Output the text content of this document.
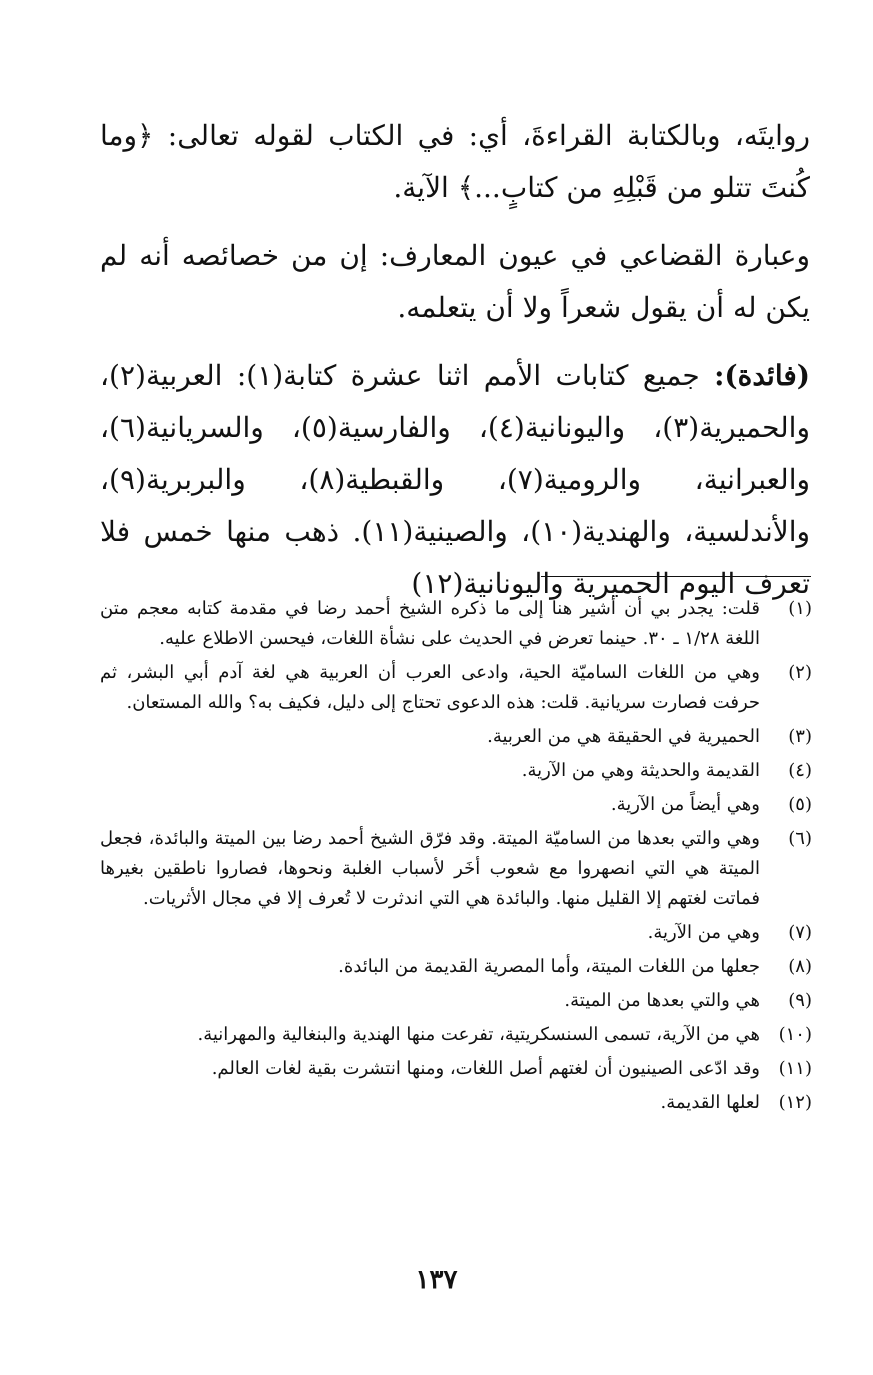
روايتَه، وبالكتابة القراءةَ، أي: في الكتاب لقوله تعالى: ﴿وما كُنتَ تتلو من قَبْلِهِ من كتابٍ...﴾ الآية.

وعبارة القضاعي في عيون المعارف: إن من خصائصه أنه لم يكن له أن يقول شعراً ولا أن يتعلمه.

(فائدة): جميع كتابات الأمم اثنا عشرة كتابة(١): العربية(٢)، والحميرية(٣)، واليونانية(٤)، والفارسية(٥)، والسريانية(٦)، والعبرانية، والرومية(٧)، والقبطية(٨)، والبربرية(٩)، والأندلسية، والهندية(١٠)، والصينية(١١). ذهب منها خمس فلا تعرف اليوم الحميرية واليونانية(١٢)

(١)
قلت: يجدر بي أن أشير هنا إلى ما ذكره الشيخ أحمد رضا في مقدمة كتابه معجم متن اللغة ١/٢٨ ـ ٣٠. حينما تعرض في الحديث على نشأة اللغات، فيحسن الاطلاع عليه.
(٢)
وهي من اللغات الساميّة الحية، وادعى العرب أن العربية هي لغة آدم أبي البشر، ثم حرفت فصارت سريانية. قلت: هذه الدعوى تحتاج إلى دليل، فكيف به؟ والله المستعان.
(٣)
الحميرية في الحقيقة هي من العربية.
(٤)
القديمة والحديثة وهي من الآرية.
(٥)
وهي أيضاً من الآرية.
(٦)
وهي والتي بعدها من الساميّة الميتة. وقد فرّق الشيخ أحمد رضا بين الميتة والبائدة، فجعل الميتة هي التي انصهروا مع شعوب أخَر لأسباب الغلبة ونحوها، فصاروا ناطقين بغيرها فماتت لغتهم إلا القليل منها. والبائدة هي التي اندثرت لا تُعرف إلا في مجال الأثريات.
(٧)
وهي من الآرية.
(٨)
جعلها من اللغات الميتة، وأما المصرية القديمة من البائدة.
(٩)
هي والتي بعدها من الميتة.
(١٠)
هي من الآرية، تسمى السنسكريتية، تفرعت منها الهندية والبنغالية والمهرانية.
(١١)
وقد ادّعى الصينيون أن لغتهم أصل اللغات، ومنها انتشرت بقية لغات العالم.
(١٢)
لعلها القديمة.
١٣٧
